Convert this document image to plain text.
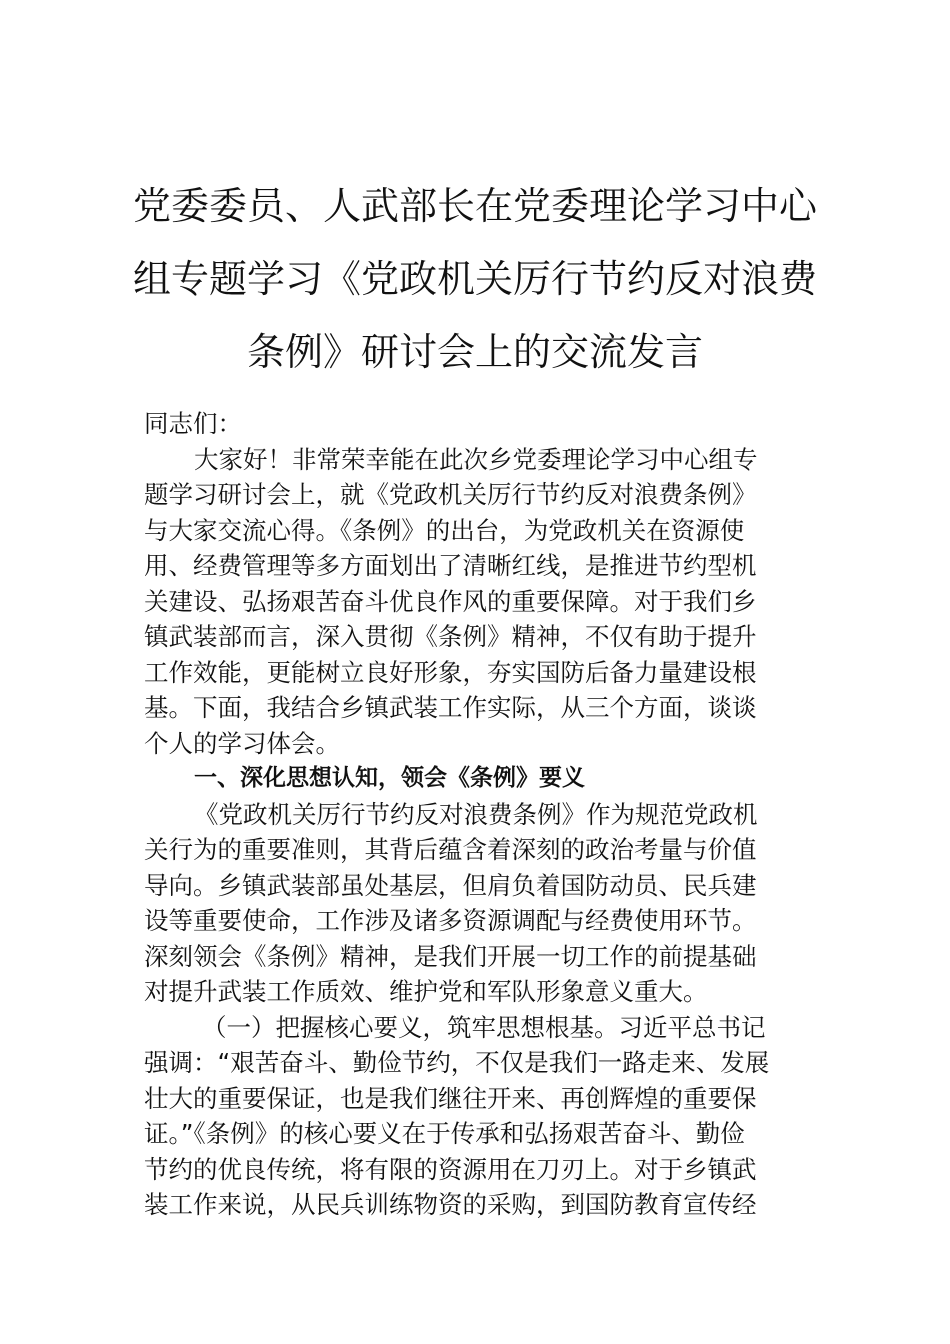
党委委员、人武部长在党委理论学习中心
组专题学习《党政机关厉行节约反对浪费
条例》研讨会上的交流发言
同志们：
大家好！非常荣幸能在此次乡党委理论学习中心组专
题学习研讨会上，就《党政机关厉行节约反对浪费条例》
与大家交流心得。《条例》的出台，为党政机关在资源使
用、经费管理等多方面划出了清晰红线，是推进节约型机
关建设、弘扬艰苦奋斗优良作风的重要保障。对于我们乡
镇武装部而言，深入贯彻《条例》精神，不仅有助于提升
工作效能，更能树立良好形象，夯实国防后备力量建设根
基。下面，我结合乡镇武装工作实际，从三个方面，谈谈
个人的学习体会。
一、深化思想认知，领会《条例》要义
《党政机关厉行节约反对浪费条例》作为规范党政机
关行为的重要准则，其背后蕴含着深刻的政治考量与价值
导向。乡镇武装部虽处基层，但肩负着国防动员、民兵建
设等重要使命，工作涉及诸多资源调配与经费使用环节。
深刻领会《条例》精神，是我们开展一切工作的前提基础
对提升武装工作质效、维护党和军队形象意义重大。
（一）把握核心要义，筑牢思想根基。习近平总书记
强调：“艰苦奋斗、勤俭节约，不仅是我们一路走来、发展
壮大的重要保证，也是我们继往开来、再创辉煌的重要保
证。”《条例》的核心要义在于传承和弘扬艰苦奋斗、勤俭
节约的优良传统，将有限的资源用在刀刃上。对于乡镇武
装工作来说，从民兵训练物资的采购，到国防教育宣传经
